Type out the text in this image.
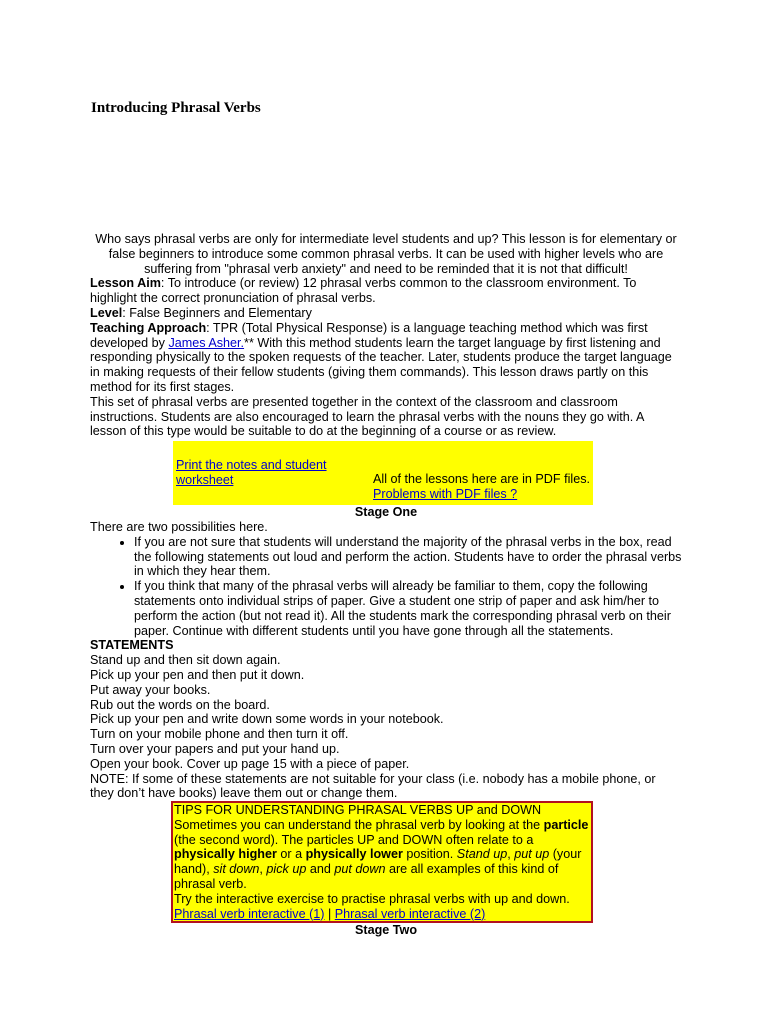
Introducing Phrasal Verbs

Who says phrasal verbs are only for intermediate level students and up? This lesson is for elementary or false beginners to introduce some common phrasal verbs. It can be used with higher levels who are suffering from "phrasal verb anxiety" and need to be reminded that it is not that difficult!

Lesson Aim: To introduce (or review) 12 phrasal verbs common to the classroom environment. To highlight the correct pronunciation of phrasal verbs.

Level: False Beginners and Elementary

Teaching Approach: TPR (Total Physical Response) is a language teaching method which was first developed by James Asher.** With this method students learn the target language by first listening and responding physically to the spoken requests of the teacher. Later, students produce the target language in making requests of their fellow students (giving them commands). This lesson draws partly on this method for its first stages.

This set of phrasal verbs are presented together in the context of the classroom and classroom instructions. Students are also encouraged to learn the phrasal verbs with the nouns they go with. A lesson of this type would be suitable to do at the beginning of a course or as review.

Print the notes and student worksheet	All of the lessons here are in PDF files.
Problems with PDF files ?
Stage One

There are two possibilities here.

• If you are not sure that students will understand the majority of the phrasal verbs in the box, read the following statements out loud and perform the action. Students have to order the phrasal verbs in which they hear them.
• If you think that many of the phrasal verbs will already be familiar to them, copy the following statements onto individual strips of paper. Give a student one strip of paper and ask him/her to perform the action (but not read it). All the students mark the corresponding phrasal verb on their paper. Continue with different students until you have gone through all the statements.

STATEMENTS

Stand up and then sit down again.

Pick up your pen and then put it down.

Put away your books.

Rub out the words on the board.

Pick up your pen and write down some words in your notebook.

Turn on your mobile phone and then turn it off.

Turn over your papers and put your hand up.

Open your book. Cover up page 15 with a piece of paper.

NOTE: If some of these statements are not suitable for your class (i.e. nobody has a mobile phone, or they don’t have books) leave them out or change them.

TIPS FOR UNDERSTANDING PHRASAL VERBS UP and DOWN
Sometimes you can understand the phrasal verb by looking at the particle (the second word). The particles UP and DOWN often relate to a physically higher or a physically lower position. Stand up, put up (your hand), sit down, pick up and put down are all examples of this kind of phrasal verb.
Try the interactive exercise to practise phrasal verbs with up and down.
Phrasal verb interactive (1) | Phrasal verb interactive (2)
Stage Two
